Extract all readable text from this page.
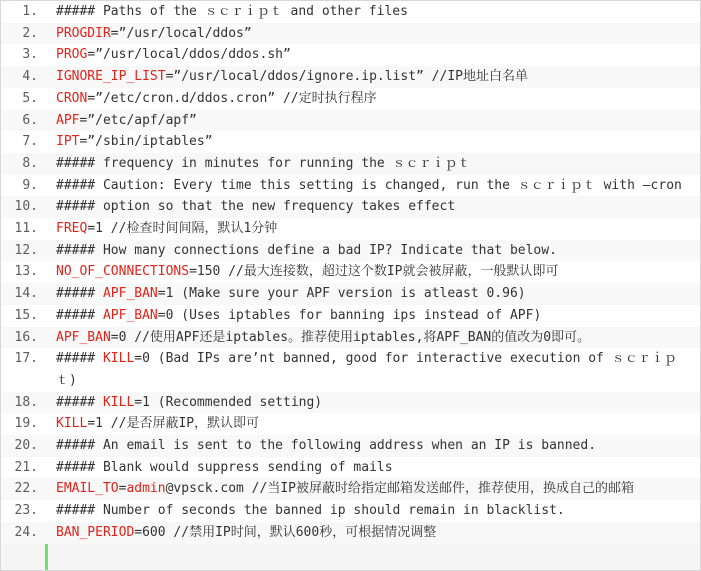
1.	##### Paths of the ｓｃｒｉｐｔ and other files
2.	PROGDIR=”/usr/local/ddos”
3.	PROG=”/usr/local/ddos/ddos.sh”
4.	IGNORE_IP_LIST=”/usr/local/ddos/ignore.ip.list” //IP地址白名单
5.	CRON=”/etc/cron.d/ddos.cron” //定时执行程序
6.	APF=”/etc/apf/apf”
7.	IPT=”/sbin/iptables”
8.	##### frequency in minutes for running the ｓｃｒｉｐｔ
9.	##### Caution: Every time this setting is changed, run the ｓｃｒｉｐｔ with –cron
10.	##### option so that the new frequency takes effect
11.	FREQ=1 //检查时间间隔，默认1分钟
12.	##### How many connections define a bad IP? Indicate that below.
13.	NO_OF_CONNECTIONS=150 //最大连接数，超过这个数IP就会被屏蔽，一般默认即可
14.	##### APF_BAN=1 (Make sure your APF version is atleast 0.96)
15.	##### APF_BAN=0 (Uses iptables for banning ips instead of APF)
16.	APF_BAN=0 //使用APF还是iptables。推荐使用iptables,将APF_BAN的值改为0即可。
17.	##### KILL=0 (Bad IPs are’nt banned, good for interactive execution of ｓｃｒｉｐｔ)
18.	##### KILL=1 (Recommended setting)
19.	KILL=1 //是否屏蔽IP，默认即可
20.	##### An email is sent to the following address when an IP is banned.
21.	##### Blank would suppress sending of mails
22.	EMAIL_TO=admin@vpsck.com //当IP被屏蔽时给指定邮箱发送邮件，推荐使用，换成自己的邮箱
23.	##### Number of seconds the banned ip should remain in blacklist.
24.	BAN_PERIOD=600 //禁用IP时间，默认600秒，可根据情况调整
